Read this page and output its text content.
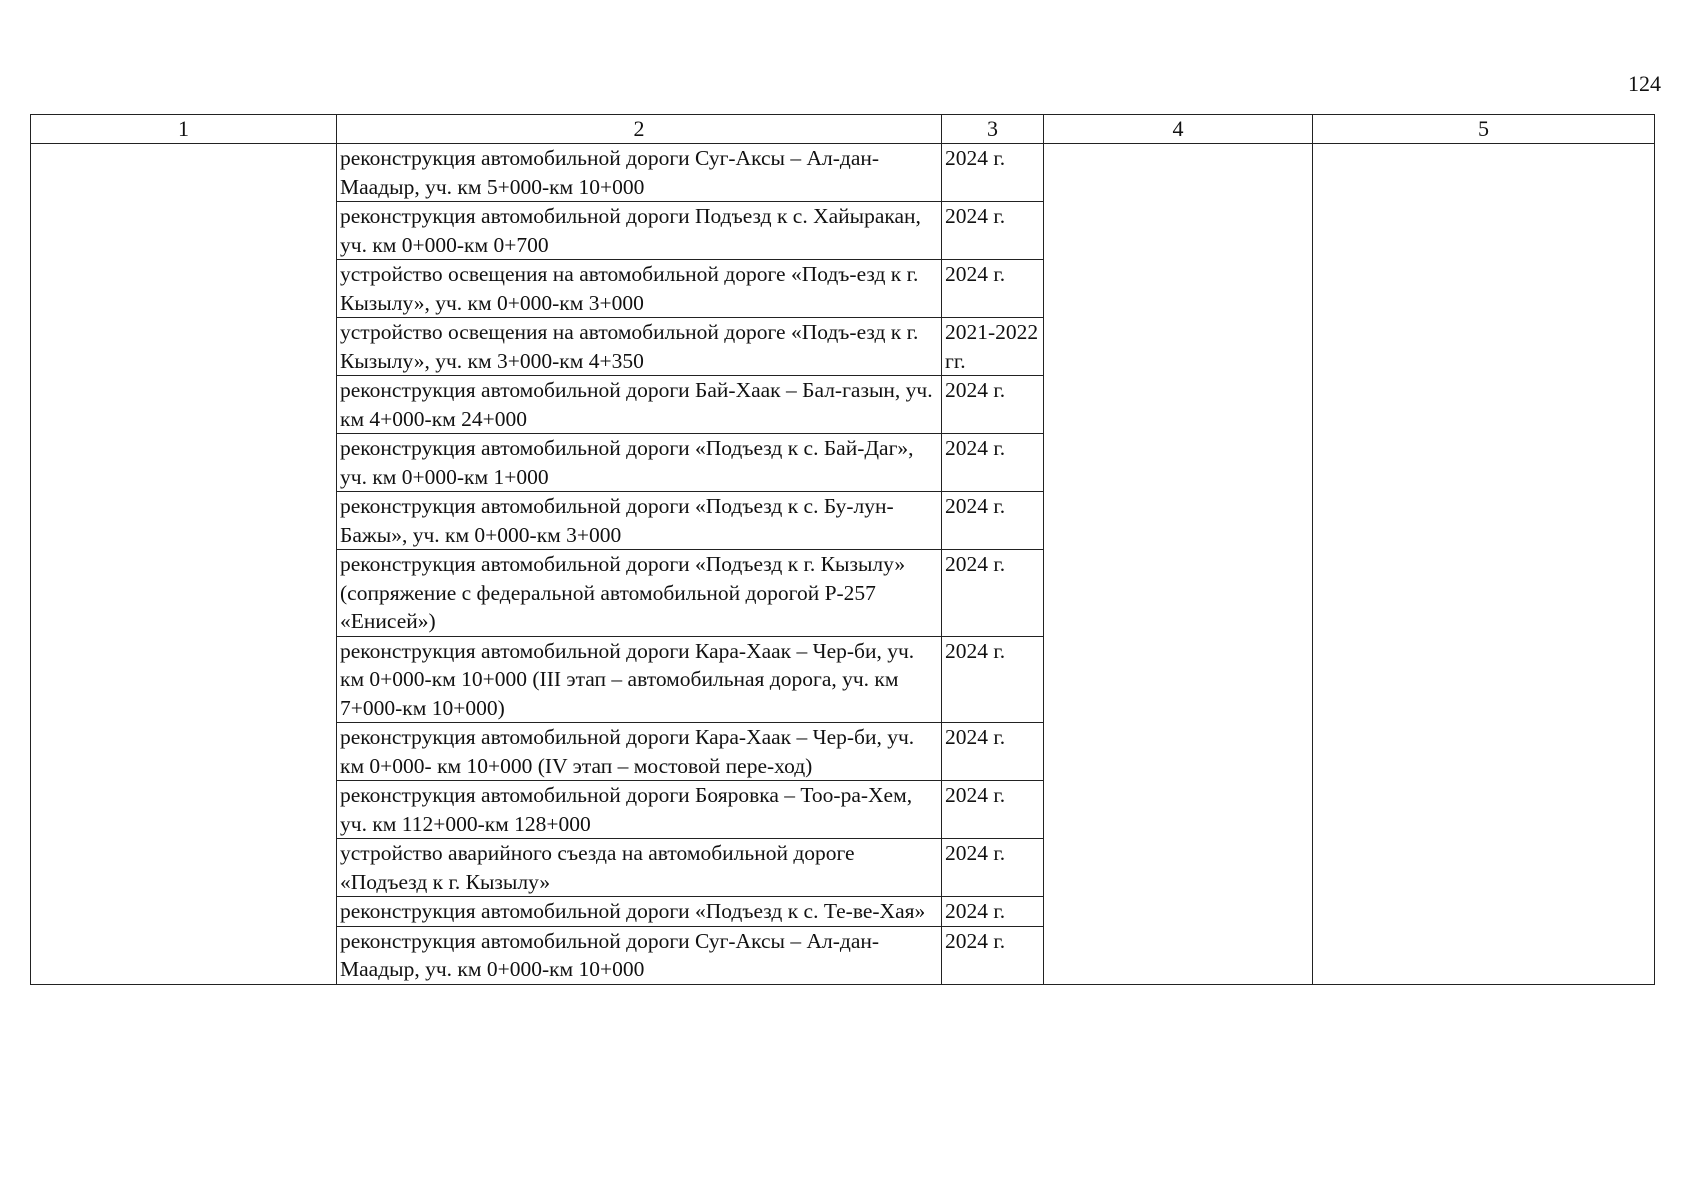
124
1	2	3	4	5

	реконструкция автомобильной дороги Суг-Аксы – Ал-дан-Маадыр, уч. км 5+000-км 10+000	2024 г.		

	реконструкция автомобильной дороги Подъезд к с. Хайыракан, уч. км 0+000-км 0+700	2024 г.		

	устройство освещения на автомобильной дороге «Подъ-езд к г. Кызылу», уч. км 0+000-км 3+000	2024 г.		

	устройство освещения на автомобильной дороге «Подъ-езд к г. Кызылу», уч. км 3+000-км 4+350	2021-2022 гг.		

	реконструкция автомобильной дороги Бай-Хаак – Бал-газын, уч. км 4+000-км 24+000	2024 г.		

	реконструкция автомобильной дороги «Подъезд к с. Бай-Даг», уч. км 0+000-км 1+000	2024 г.		

	реконструкция автомобильной дороги «Подъезд к с. Бу-лун-Бажы», уч. км 0+000-км 3+000	2024 г.		

	реконструкция автомобильной дороги «Подъезд к г. Кызылу» (сопряжение с федеральной автомобильной дорогой Р-257 «Енисей»)	2024 г.		

	реконструкция автомобильной дороги Кара-Хаак – Чер-би, уч. км 0+000-км 10+000 (III этап – автомобильная дорога, уч. км 7+000-км 10+000)	2024 г.		

	реконструкция автомобильной дороги Кара-Хаак – Чер-би, уч. км 0+000- км 10+000 (IV этап – мостовой пере-ход)	2024 г.		

	реконструкция автомобильной дороги Бояровка – Тоо-ра-Хем, уч. км 112+000-км 128+000	2024 г.		

	устройство аварийного съезда на автомобильной дороге «Подъезд к г. Кызылу»	2024 г.		

	реконструкция автомобильной дороги «Подъезд к с. Те-ве-Хая»	2024 г.		

	реконструкция автомобильной дороги Суг-Аксы – Ал-дан-Маадыр, уч. км 0+000-км 10+000	2024 г.		
